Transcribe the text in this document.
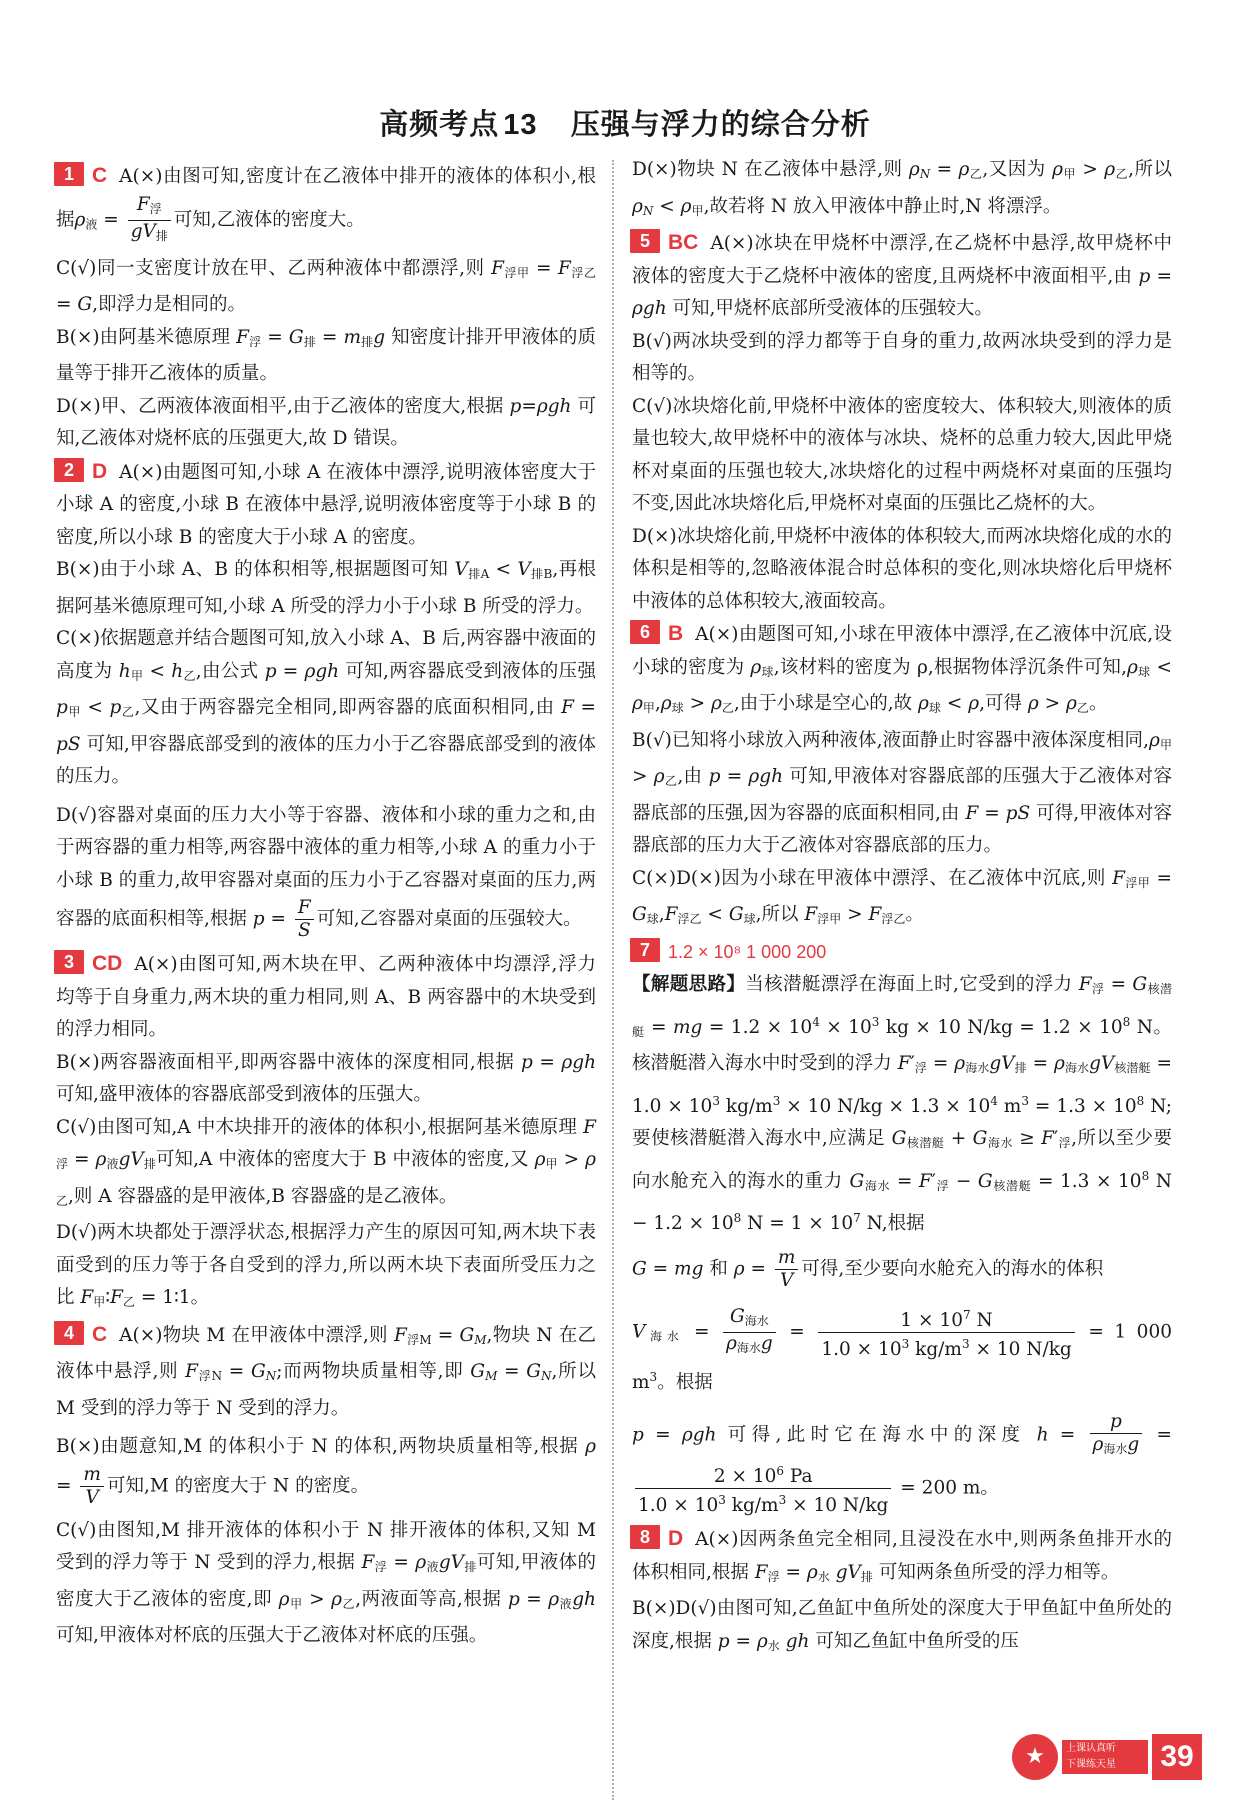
高频考点 13 压强与浮力的综合分析
1 C A(×)由图可知,密度计在乙液体中排开的液体的体积小,根据$\rho_液 = \frac{F_浮}{gV_排}$ 可知,乙液体的密度大。
C(√)同一支密度计放在甲、乙两种液体中都漂浮,则 $F_{浮甲} = F_{浮乙} = G$,即浮力是相同的。
B(×)由阿基米德原理 $F_浮 = G_排 = m_排g$ 知密度计排开甲液体的质量等于排开乙液体的质量。
D(×)甲、乙两液体液面相平,由于乙液体的密度大,根据 p=ρgh 可知,乙液体对烧杯底的压强更大,故 D 错误。
2 D A(×)由题图可知,小球 A 在液体中漂浮,说明液体密度大于小球 A 的密度,小球 B 在液体中悬浮,说明液体密度等于小球 B 的密度,所以小球 B 的密度大于小球 A 的密度。
B(×)由于小球 A、B 的体积相等,根据题图可知 $V_{排A} < V_{排B}$,再根据阿基米德原理可知,小球 A 所受的浮力小于小球 B 所受的浮力。
C(×)依据题意并结合题图可知,放入小球 A、B 后,两容器中液面的高度为 $h_甲 < h_乙$,由公式 p = ρgh 可知,两容器底受到液体的压强 $p_甲 < p_乙$,又由于两容器完全相同,即两容器的底面积相同,由 F = pS 可知,甲容器底部受到的液体的压力小于乙容器底部受到的液体的压力。
D(√)容器对桌面的压力大小等于容器、液体和小球的重力之和,由于两容器的重力相等,两容器中液体的重力相等,小球 A 的重力小于小球 B 的重力,故甲容器对桌面的压力小于乙容器对桌面的压力,两容器的底面积相等,根据 $p = \frac{F}{S}$ 可知,乙容器对桌面的压强较大。
3 CD A(×)由图可知,两木块在甲、乙两种液体中均漂浮,浮力均等于自身重力,两木块的重力相同,则 A、B 两容器中的木块受到的浮力相同。
B(×)两容器液面相平,即两容器中液体的深度相同,根据 p = ρgh 可知,盛甲液体的容器底部受到液体的压强大。
C(√)由图可知,A 中木块排开的液体的体积小,根据阿基米德原理 $F_浮 = \rho_液gV_排$可知,A 中液体的密度大于 B 中液体的密度,又 $\rho_甲 > \rho_乙$,则 A 容器盛的是甲液体,B 容器盛的是乙液体。
D(√)两木块都处于漂浮状态,根据浮力产生的原因可知,两木块下表面受到的压力等于各自受到的浮力,所以两木块下表面所受压力之比 $F_甲∶F_乙$ = 1∶1。
4 C A(×)物块 M 在甲液体中漂浮,则 $F_{浮M} = G_M$,物块 N 在乙液体中悬浮,则 $F_{浮N} = G_N$;而两物块质量相等,即 $G_M = G_N$,所以 M 受到的浮力等于 N 受到的浮力。
B(×)由题意知,M 的体积小于 N 的体积,两物块质量相等,根据 $\rho = \frac{m}{V}$ 可知,M 的密度大于 N 的密度。
C(√)由图知,M 排开液体的体积小于 N 排开液体的体积,又知 M 受到的浮力等于 N 受到的浮力,根据 $F_浮 = \rho_液gV_排$可知,甲液体的密度大于乙液体的密度,即 $\rho_甲 > \rho_乙$,两液面等高,根据 $p = \rho_液gh$ 可知,甲液体对杯底的压强大于乙液体对杯底的压强。
D(×)物块 N 在乙液体中悬浮,则 $\rho_N = \rho_乙$,又因为 $\rho_甲 > \rho_乙$,所以 $\rho_N < \rho_甲$,故若将 N 放入甲液体中静止时,N 将漂浮。
5 BC A(×)冰块在甲烧杯中漂浮,在乙烧杯中悬浮,故甲烧杯中液体的密度大于乙烧杯中液体的密度,且两烧杯中液面相平,由 p = ρgh 可知,甲烧杯底部所受液体的压强较大。
B(√)两冰块受到的浮力都等于自身的重力,故两冰块受到的浮力是相等的。
C(√)冰块熔化前,甲烧杯中液体的密度较大、体积较大,则液体的质量也较大,故甲烧杯中的液体与冰块、烧杯的总重力较大,因此甲烧杯对桌面的压强也较大,冰块熔化的过程中两烧杯对桌面的压强均不变,因此冰块熔化后,甲烧杯对桌面的压强比乙烧杯的大。
D(×)冰块熔化前,甲烧杯中液体的体积较大,而两冰块熔化成的水的体积是相等的,忽略液体混合时总体积的变化,则冰块熔化后甲烧杯中液体的总体积较大,液面较高。
6 B A(×)由题图可知,小球在甲液体中漂浮,在乙液体中沉底,设小球的密度为 $\rho_球$,该材料的密度为 ρ,根据物体浮沉条件可知$,\rho_球 < \rho_甲,\rho_球 > \rho_乙$,由于小球是空心的,故 $\rho_球 < \rho$,可得 $\rho > \rho_乙$。
B(√)已知将小球放入两种液体,液面静止时容器中液体深度相同$,\rho_甲 > \rho_乙$,由 p = ρgh 可知,甲液体对容器底部的压强大于乙液体对容器底部的压强,因为容器的底面积相同,由 F = pS 可得,甲液体对容器底部的压力大于乙液体对容器底部的压力。
C(×)D(×)因为小球在甲液体中漂浮、在乙液体中沉底,则 $F_{浮甲} = G_球,F_{浮乙} < G_球$,所以 $F_{浮甲} > F_{浮乙}$。
7 1.2 × 10⁸ 1 000 200
【解题思路】当核潜艇漂浮在海面上时,它受到的浮力 $F_浮 = G_{核潜艇}$ = mg = $1.2 \times 10^4 \times 10^3$ kg × 10 $N/kg = 1.2 \times 10^8$ N。核潜艇潜入海水中时受到的浮力 $F'_浮 = \rho_{海水}gV_排 = \rho_{海水}gV_{核潜艇} = 1.0 \times 10^3$ $kg/m^3 \times 10$ $N/kg \times 1.3 \times 10^4$ $m^3 = 1.3 \times 10^8$ N;要使核潜艇潜入海水中,应满足 $G_{核潜艇} + G_{海水} \ge F'_浮$,所以至少要向水舱充入的海水的重力 $G_{海水} = F'_浮 - G_{核潜艇} = 1.3 \times 10^8$ $N - 1.2 \times 10^8$ $N = 1 \times 10^7$ N,根据
G = mg 和 $\rho = \frac{m}{V}$ 可得,至少要向水舱充入的海水的体积
$V_{海水} = \frac{G_{海水}}{\rho_{海水}g} = \frac{1 \times 10^7 N}{1.0 \times 10^3 kg/m^3 \times 10 N/kg} = 1$ 000 $m^3$。根据
p = ρgh 可得,此时它在海水中的深度 $h = \frac{p}{\rho_{海水}g}$ =
$\frac{2 \times 10^6 Pa}{1.0 \times 10^3 kg/m^3 \times 10 N/kg} = 200$ m。
8 D A(×)因两条鱼完全相同,且浸没在水中,则两条鱼排开水的体积相同,根据 $F_浮 = \rho_水$ $gV_排$ 可知两条鱼所受的浮力相等。
B(×)D(√)由图可知,乙鱼缸中鱼所处的深度大于甲鱼缸中鱼所处的深度,根据 $p = \rho_水$ gh 可知乙鱼缸中鱼所受的压
★	上课认真听
下课练天星	39
